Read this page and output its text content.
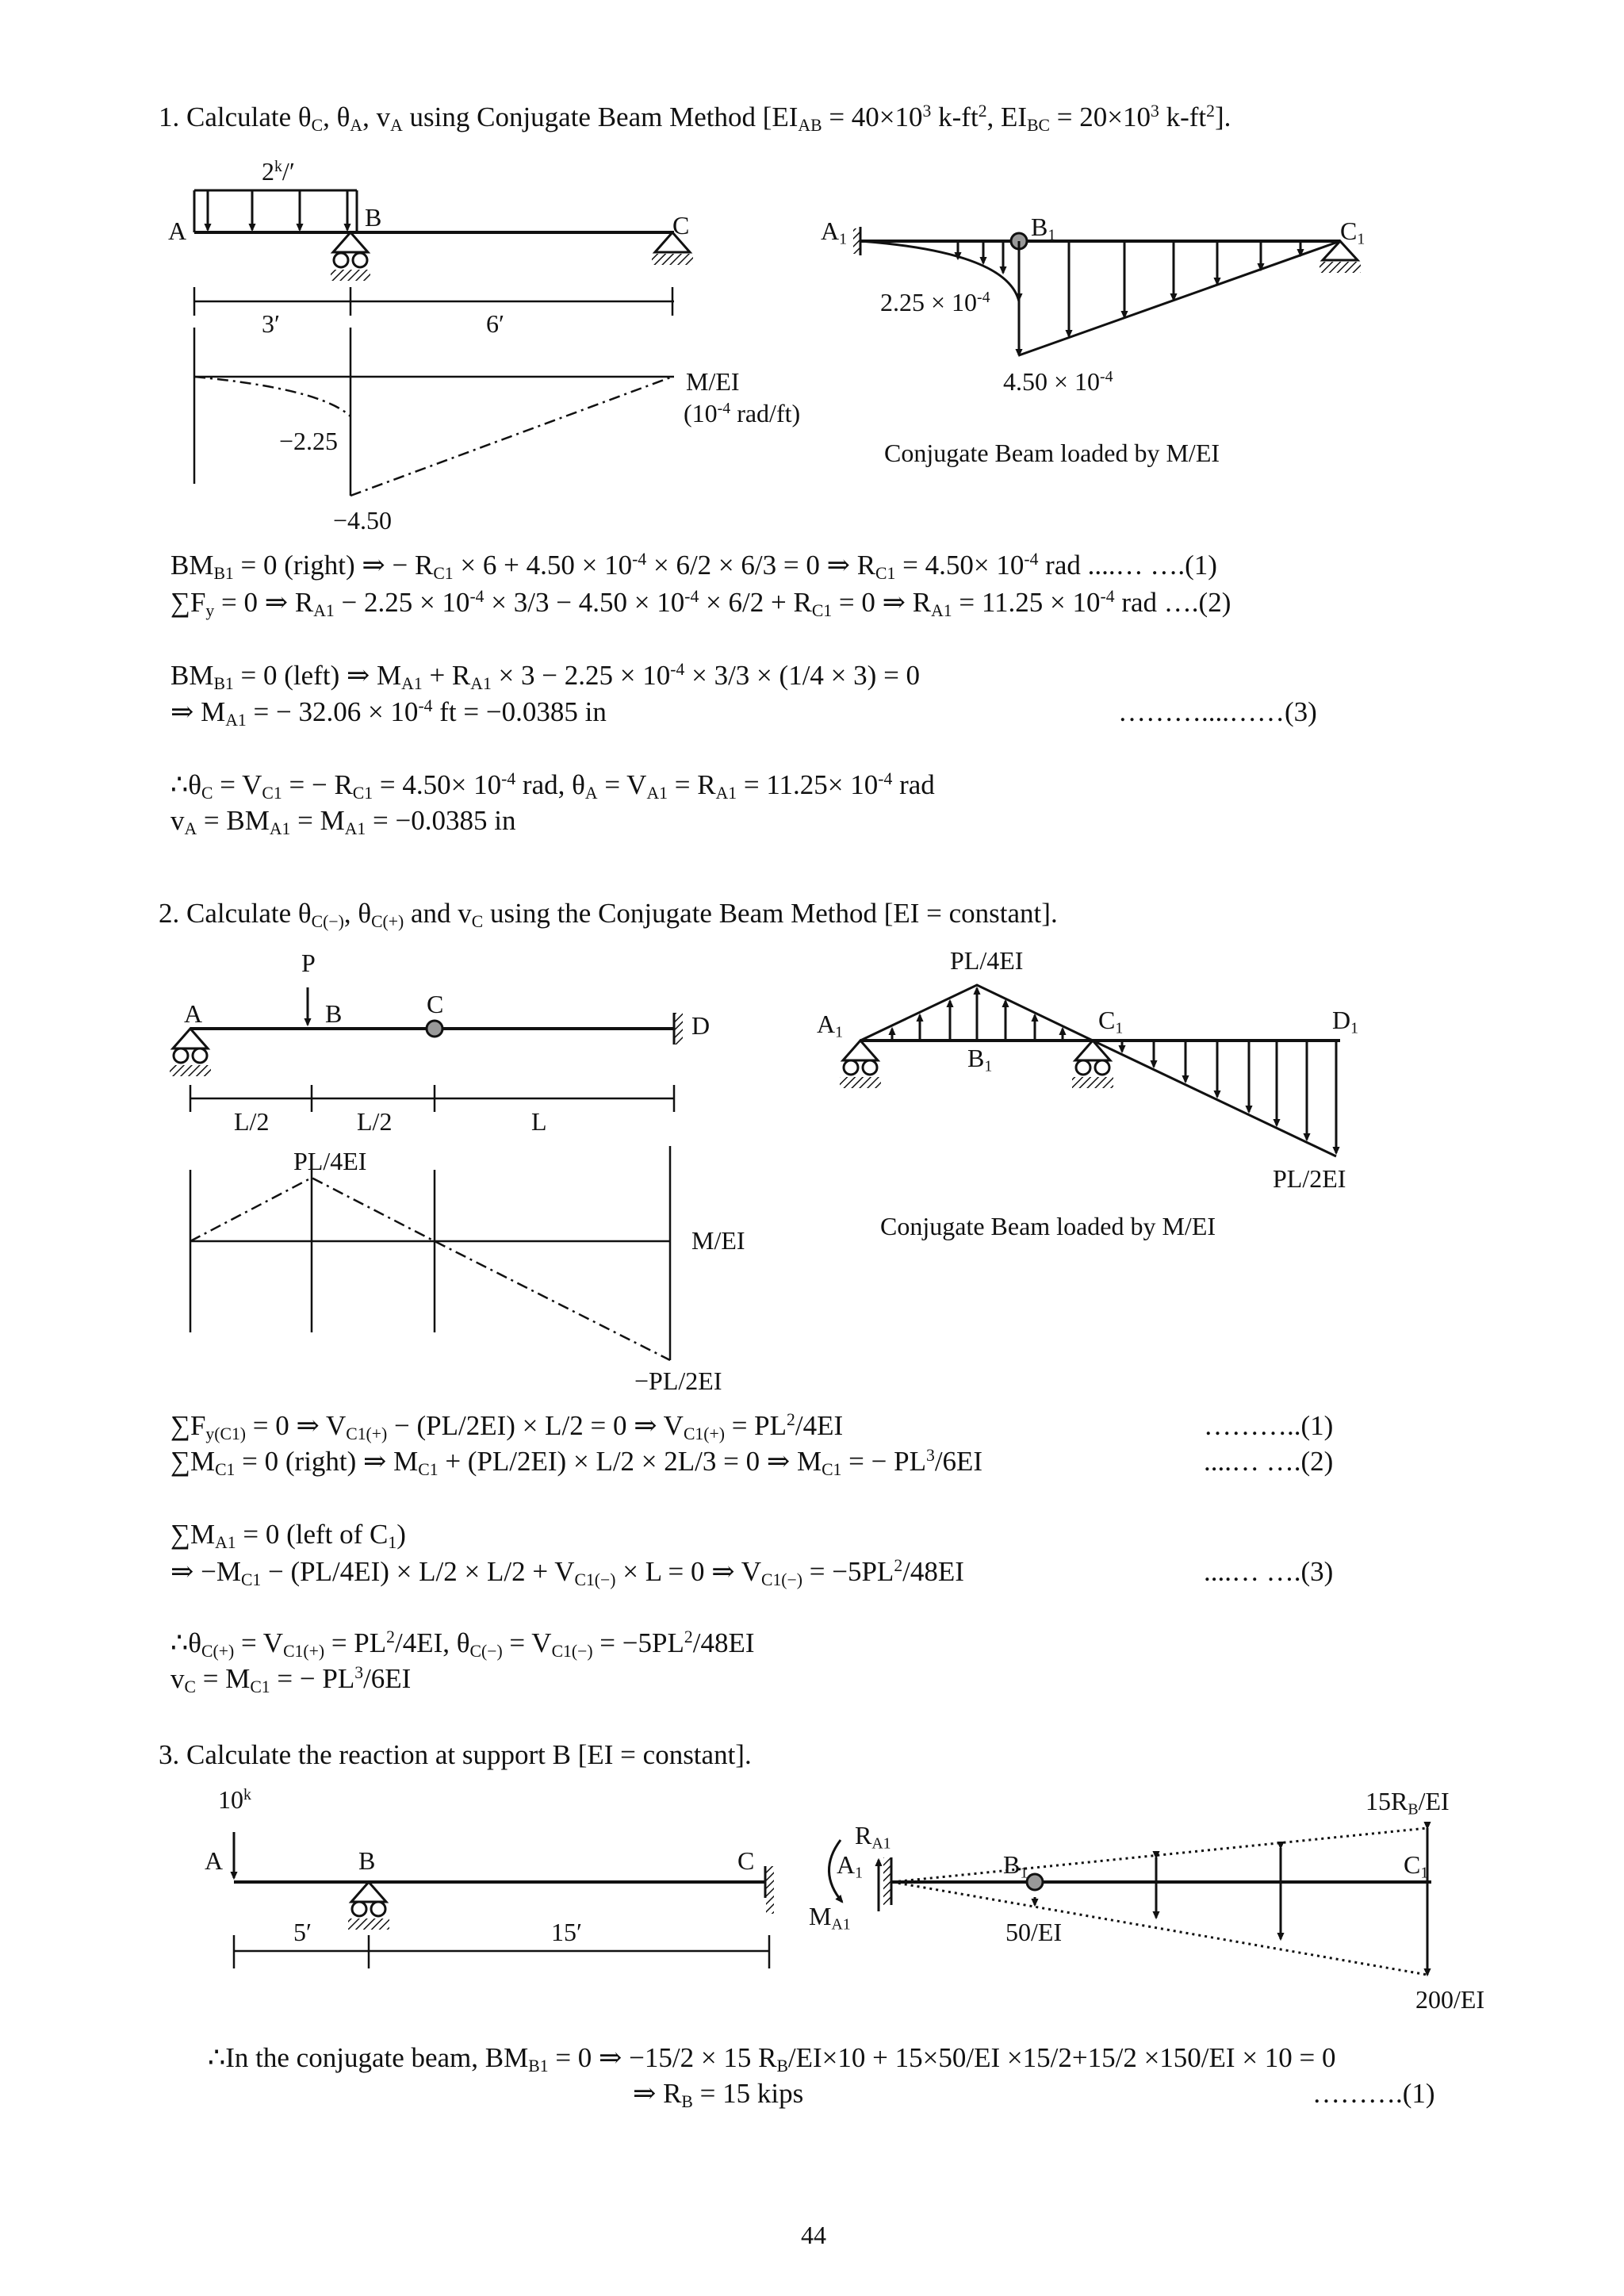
1. Calculate $\theta_C$, $\theta_A$, $v_A$ using Conjugate Beam Method [$EI_{AB} = 40\times 10^3$ $k-ft^2$, $EI_{BC} = 20\times 10^3$ $k-ft^2$].
2$^k$/′
A	B	C
3′	6′
M/EI
($10^{-4}$ rad/ft)
−2.25
−4.50
$A_1$	$B_1$	$C_1$
$2.25 \times 10^{-4}$
$4.50 \times 10^{-4}$
Conjugate Beam loaded by M/EI
$BM_{B1} = 0$ (right) ⇒ − $R_{C1} \times 6 + 4.50 \times 10^{-4} \times 6/2 \times 6/3 = 0$ ⇒ $R_{C1} = 4.50\times 10^{-4}$ rad ....… ….(1)
$\sum F_y = 0$ ⇒ $R_{A1} - 2.25 \times 10^{-4} \times 3/3 - 4.50 \times 10^{-4} \times 6/2 + R_{C1} = 0$ ⇒ $R_{A1} = 11.25 \times 10^{-4}$ rad ….(2)
$BM_{B1} = 0$ (left) ⇒ $M_{A1} + R_{A1} \times 3 - 2.25 \times 10^{-4} \times 3/3 \times (1/4 \times 3) = 0$
⇒ $M_{A1}$ = − $32.06 \times 10^{-4}$ ft = −0.0385 in	………....……(3)
$\therefore\theta_C = V_{C1}$ = − $R_{C1} = 4.50\times 10^{-4}$ rad, $\theta_A = V_{A1} = R_{A1} = 11.25\times 10^{-4}$ rad
$v_A = BM_{A1} = M_{A1} = -0.0385$ in
2. Calculate $\theta_{C(-)}$, $\theta_{C(+)}$ and $v_C$ using the Conjugate Beam Method [EI = constant].
P
A	B	C
D
L/2	L/2	L
PL/4EI
M/EI
−PL/2EI
PL/4EI
$A_1$
$B_1$
$C_1$	$D_1$
PL/2EI
Conjugate Beam loaded by M/EI
$\sum F_{y(C1)} = 0$ ⇒ $V_{C1(+)} - (PL/2EI) \times L/2 = 0$ ⇒ $V_{C1(+)} = PL^2/4EI$	………..(1)
$\sum M_{C1} = 0$ (right) ⇒ $M_{C1} + (PL/2EI) \times L/2 \times 2L/3 = 0$ ⇒ $M_{C1}$ = − $PL^3/6EI$	....… ….(2)
$\sum M_{A1} = 0$ (left of $C_1$)
⇒ $-M_{C1} - (PL/4EI) \times L/2 \times L/2 + V_{C1(-)} \times L = 0$ ⇒ $V_{C1(-)} = -5PL^2/48EI$	....… ….(3)
$\therefore\theta_{C(+)} = V_{C1(+)} = PL^2/4EI$, $\theta_{C(-)} = V_{C1(-)} = -5PL^2/48EI$
$v_C = M_{C1}$ = − $PL^3/6EI$
3. Calculate the reaction at support B [EI = constant].
10$^k$
A	B	C
5′	15′
$R_{A1}$
$A_1$
$M_{A1}$
$B_1$	$C_1$
$15R_B/EI$
50/EI
200/EI
∴In the conjugate beam, $BM_{B1} = 0$ ⇒ −15/2 × 15 $R_B/EI\times 10 + 15\times 50/EI \times 15/2+15/2 \times 150/EI \times 10 = 0$
⇒ $R_B = 15$ kips	……….(1)
44
